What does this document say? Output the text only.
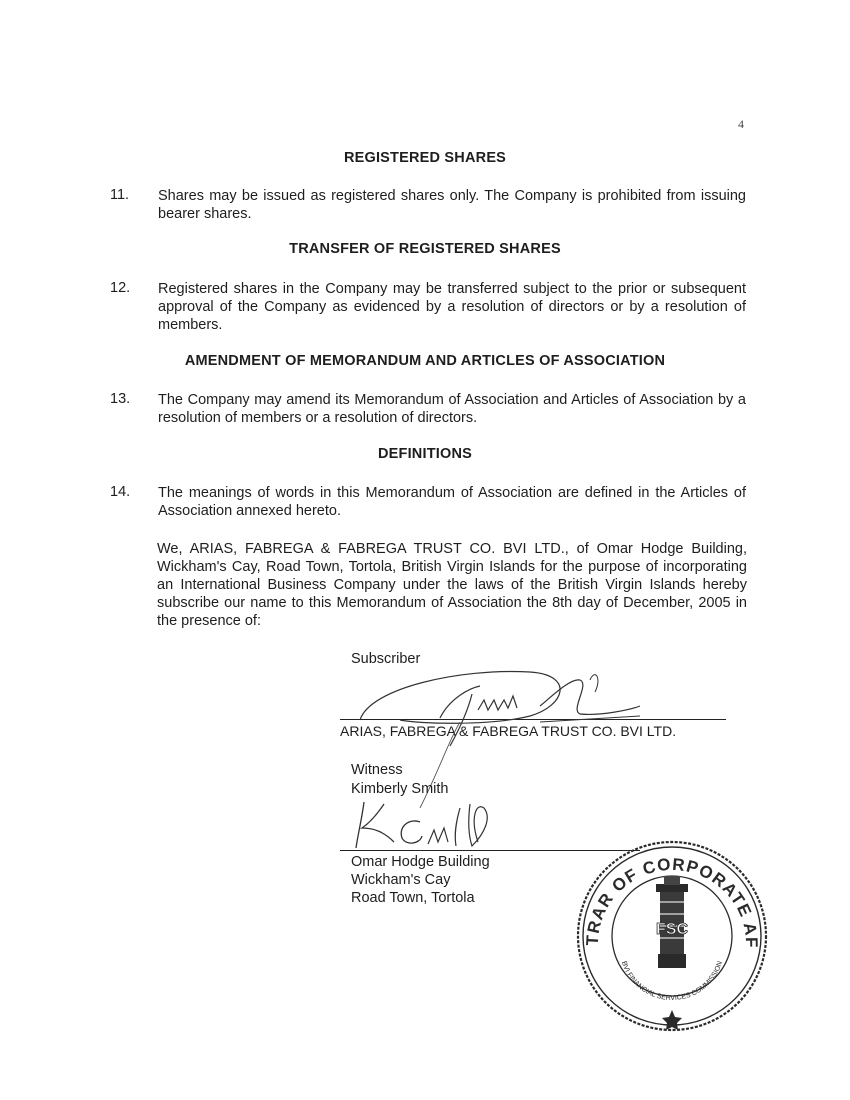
4
REGISTERED SHARES
11. Shares may be issued as registered shares only. The Company is prohibited from issuing bearer shares.
TRANSFER OF REGISTERED SHARES
12. Registered shares in the Company may be transferred subject to the prior or subsequent approval of the Company as evidenced by a resolution of directors or by a resolution of members.
AMENDMENT OF MEMORANDUM AND ARTICLES OF ASSOCIATION
13. The Company may amend its Memorandum of Association and Articles of Association by a resolution of members or a resolution of directors.
DEFINITIONS
14. The meanings of words in this Memorandum of Association are defined in the Articles of Association annexed hereto.
We, ARIAS, FABREGA & FABREGA TRUST CO. BVI LTD., of Omar Hodge Building, Wickham's Cay, Road Town, Tortola, British Virgin Islands for the purpose of incorporating an International Business Company under the laws of the British Virgin Islands hereby subscribe our name to this Memorandum of Association the 8th day of December, 2005 in the presence of:
Subscriber
ARIAS, FABREGA & FABREGA TRUST CO. BVI LTD.
Witness
Kimberly Smith
Omar Hodge Building
Wickham's Cay
Road Town, Tortola
REGISTRAR OF CORPORATE AFFAIRS
BVI FINANCIAL SERVICES COMMISSION
FSC
